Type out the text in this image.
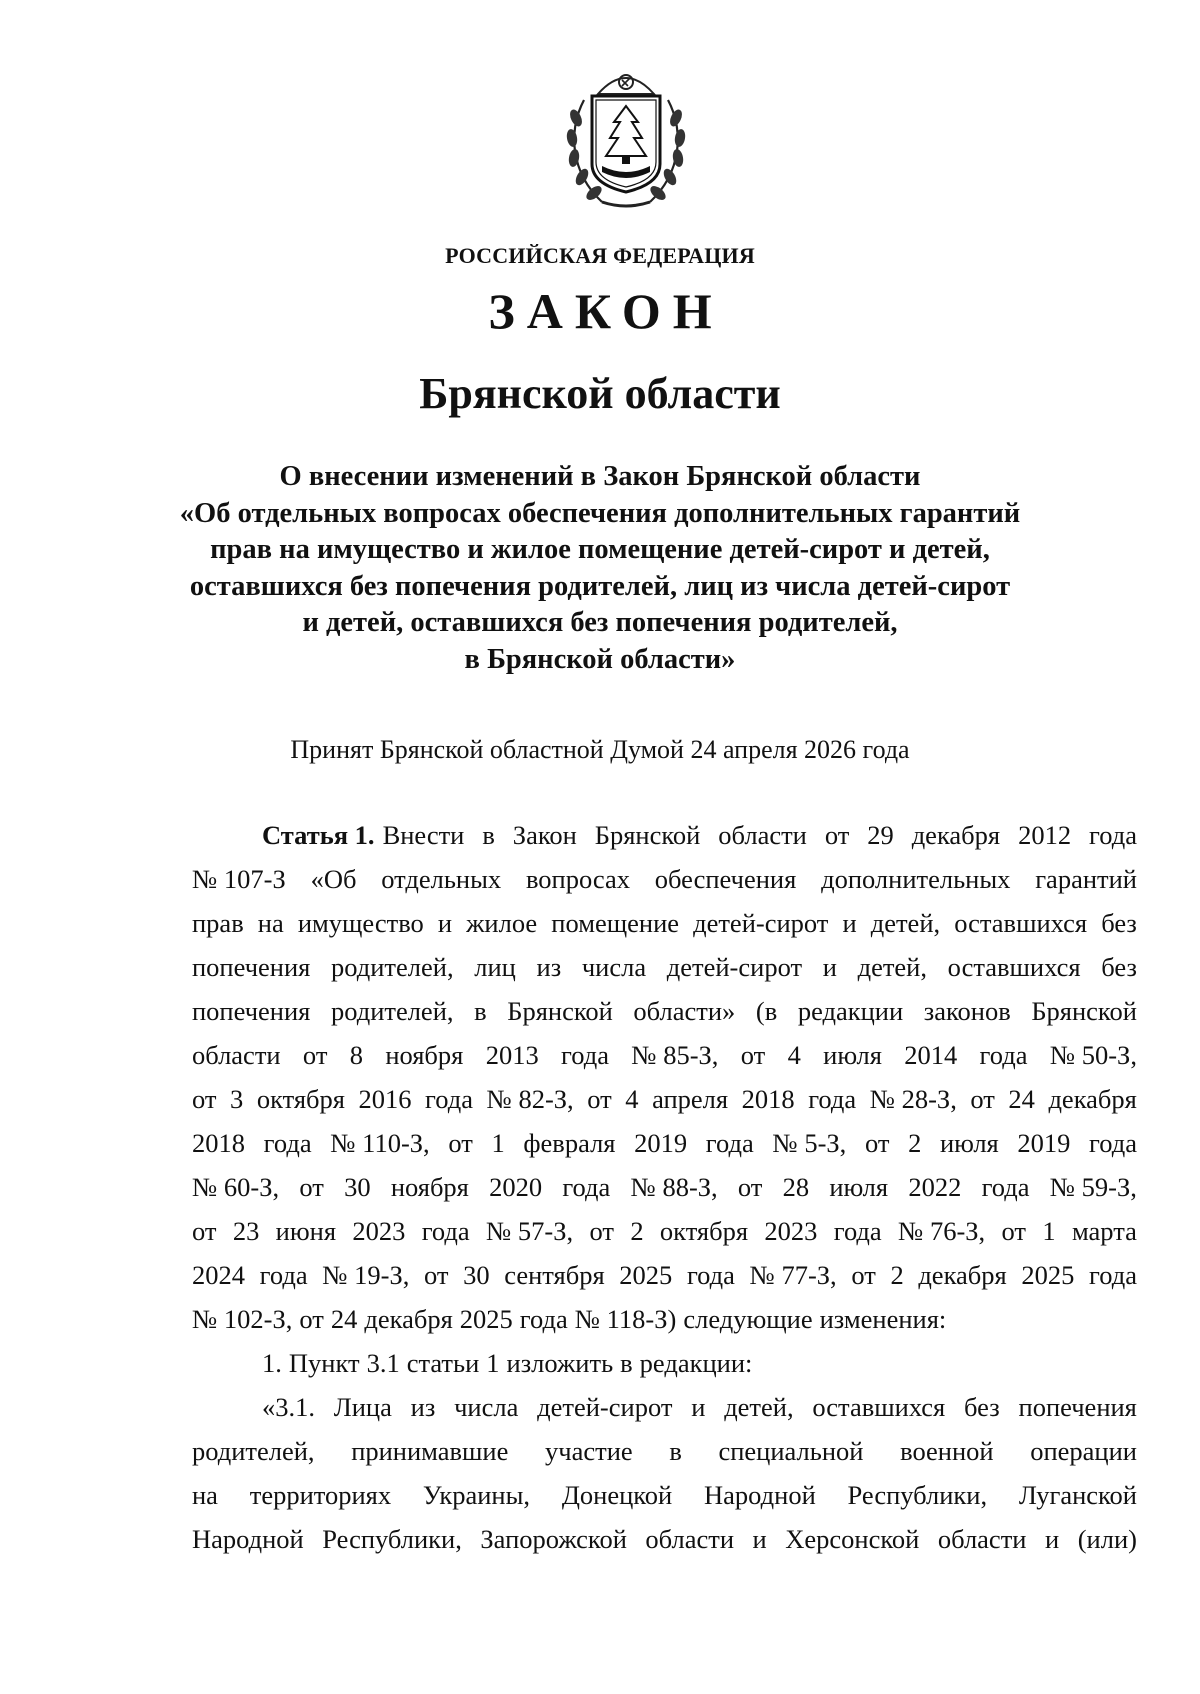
РОССИЙСКАЯ ФЕДЕРАЦИЯ
ЗАКОН
Брянской области
О внесении изменений в Закон Брянской области
«Об отдельных вопросах обеспечения дополнительных гарантий
прав на имущество и жилое помещение детей-сирот и детей,
оставшихся без попечения родителей, лиц из числа детей-сирот
и детей, оставшихся без попечения родителей,
в Брянской области»
Принят Брянской областной Думой 24 апреля 2026 года
Статья 1. Внести в Закон Брянской области от 29 декабря 2012 года
№ 107-З «Об отдельных вопросах обеспечения дополнительных гарантий
прав на имущество и жилое помещение детей-сирот и детей, оставшихся без
попечения родителей, лиц из числа детей-сирот и детей, оставшихся без
попечения родителей, в Брянской области» (в редакции законов Брянской
области от 8 ноября 2013 года № 85-З, от 4 июля 2014 года № 50-З,
от 3 октября 2016 года № 82-З, от 4 апреля 2018 года № 28-З, от 24 декабря
2018 года № 110-З, от 1 февраля 2019 года № 5-З, от 2 июля 2019 года
№ 60-З, от 30 ноября 2020 года № 88-З, от 28 июля 2022 года № 59-З,
от 23 июня 2023 года № 57-З, от 2 октября 2023 года № 76-З, от 1 марта
2024 года № 19-З, от 30 сентября 2025 года № 77-З, от 2 декабря 2025 года
№ 102-З, от 24 декабря 2025 года № 118-З) следующие изменения:
1. Пункт 3.1 статьи 1 изложить в редакции:
«3.1. Лица из числа детей-сирот и детей, оставшихся без попечения
родителей, принимавшие участие в специальной военной операции
на территориях Украины, Донецкой Народной Республики, Луганской
Народной Республики, Запорожской области и Херсонской области и (или)
